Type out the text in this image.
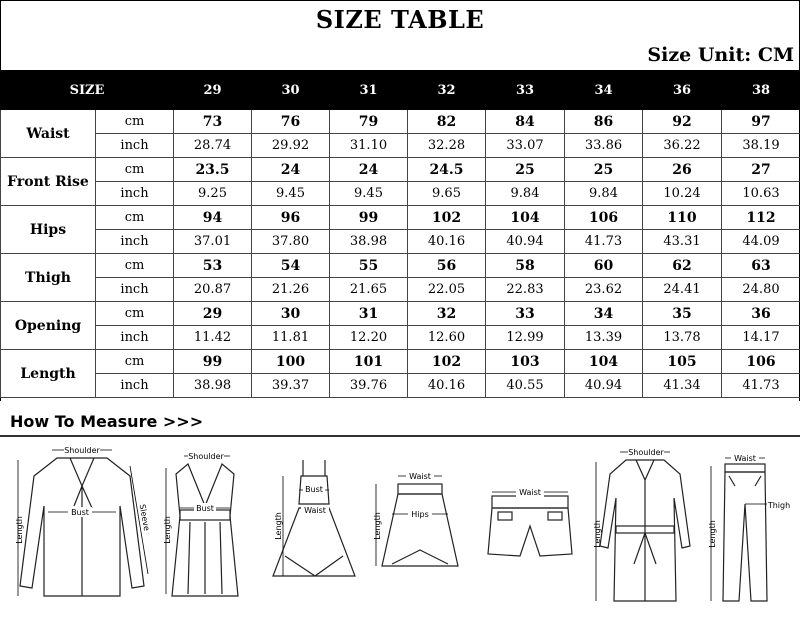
SIZE TABLE
Size Unit: CM
SIZE		29	30	31	32	33	34	36	38
Waist	cm	73	76	79	82	84	86	92	97
	inch	28.74	29.92	31.10	32.28	33.07	33.86	36.22	38.19
Front Rise	cm	23.5	24	24	24.5	25	25	26	27
	inch	9.25	9.45	9.45	9.65	9.84	9.84	10.24	10.63
Hips	cm	94	96	99	102	104	106	110	112
	inch	37.01	37.80	38.98	40.16	40.94	41.73	43.31	44.09
Thigh	cm	53	54	55	56	58	60	62	63
	inch	20.87	21.26	21.65	22.05	22.83	23.62	24.41	24.80
Opening	cm	29	30	31	32	33	34	35	36
	inch	11.42	11.81	12.20	12.60	12.99	13.39	13.78	14.17
Length	cm	99	100	101	102	103	104	105	106
	inch	38.98	39.37	39.76	40.16	40.55	40.94	41.34	41.73
How To Measure >>>
Shoulder
Bust
Length	Sleeve
Shoulder
Bust
Length
Bust
Waist
Length
Waist
Hips
Length
Waist
Shoulder
Length
Waist
Thigh
Length
